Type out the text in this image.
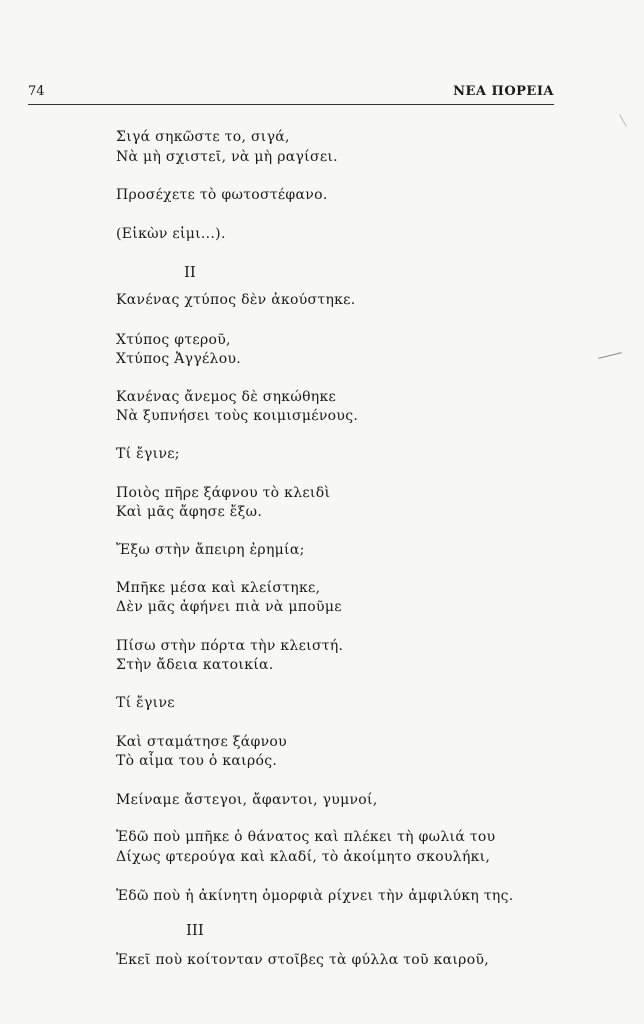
74	ΝΕΑ ΠΟΡΕΙΑ
Σιγά σηκῶστε το, σιγά,
Νὰ μὴ σχιστεῖ, νὰ μὴ ραγίσει.
Προσέχετε τὸ φωτοστέφανο.
(Εἰκὼν εἰμι...).
II
Κανένας χτύπος δὲν ἀκούστηκε.
Χτύπος φτεροῦ,
Χτύπος Ἀγγέλου.
Κανένας ἄνεμος δὲ σηκώθηκε
Νὰ ξυπνήσει τοὺς κοιμισμένους.
Τί ἔγινε;
Ποιὸς πῆρε ξάφνου τὸ κλειδὶ
Καὶ μᾶς ἄφησε ἔξω.
Ἔξω στὴν ἄπειρη ἐρημία;
Μπῆκε μέσα καὶ κλείστηκε,
Δὲν μᾶς ἀφήνει πιὰ νὰ μποῦμε
Πίσω στὴν πόρτα τὴν κλειστή.
Στὴν ἄδεια κατοικία.
Τί ἔγινε
Καὶ σταμάτησε ξάφνου
Τὸ αἷμα του ὁ καιρός.
Μείναμε ἄστεγοι, ἄφαντοι, γυμνοί,
Ἐδῶ ποὺ μπῆκε ὁ θάνατος καὶ πλέκει τὴ φωλιά του
Δίχως φτερούγα καὶ κλαδί, τὸ ἀκοίμητο σκουλήκι,
Ἐδῶ ποὺ ἡ ἀκίνητη ὀμορφιὰ ρίχνει τὴν ἀμφιλύκη της.
III
Ἐκεῖ ποὺ κοίτονταν στοῖβες τὰ φύλλα τοῦ καιροῦ,
